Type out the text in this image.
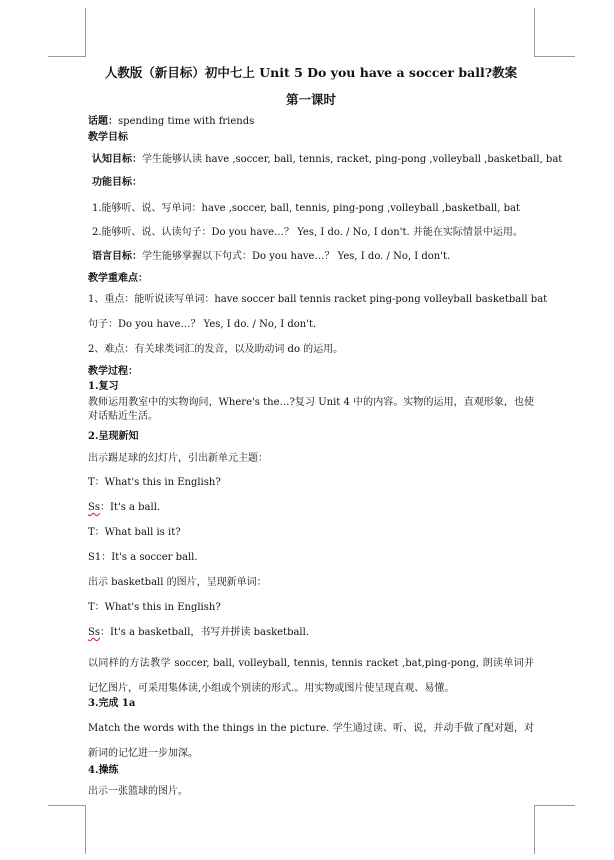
人教版（新目标）初中七上 Unit 5 Do you have a soccer ball?教案
第一课时
话题：spending time with friends
教学目标
认知目标：学生能够认读 have ,soccer, ball, tennis, racket, ping-pong ,volleyball ,basketball, bat
功能目标：
1.能够听、说、写单词：have ,soccer, ball, tennis, ping-pong ,volleyball ,basketball, bat
2.能够听、说、认读句子：Do you have…？ Yes, I do. / No, I don't. 并能在实际情景中运用。
语言目标：学生能够掌握以下句式：Do you have…？ Yes, I do. / No, I don't.
教学重难点：
1、重点：能听说读写单词：have soccer ball tennis racket ping-pong volleyball basketball bat
句子：Do you have…？ Yes, I do. / No, I don't.
2、难点：有关球类词汇的发音，以及助动词 do 的运用。
教学过程：
1.复习
教师运用教室中的实物询问，Where's the…?复习 Unit 4 中的内容。实物的运用，直观形象，也使对话贴近生活。
2.呈现新知
出示踢足球的幻灯片，引出新单元主题：
T：What's this in English?
Ss：It's a ball.
T：What ball is it?
S1：It's a soccer ball.
出示 basketball 的图片，呈现新单词：
T：What's this in English?
Ss：It's a basketball，书写并拼读 basketball.
以同样的方法教学 soccer, ball, volleyball, tennis, tennis racket ,bat,ping-pong, 朗读单词并记忆图片，可采用集体读,小组或个别读的形式.。用实物或图片使呈现直观、易懂。
3.完成 1a
Match the words with the things in the picture. 学生通过读、听、说，并动手做了配对题，对新词的记忆进一步加深。
4.操练
出示一张篮球的图片。
